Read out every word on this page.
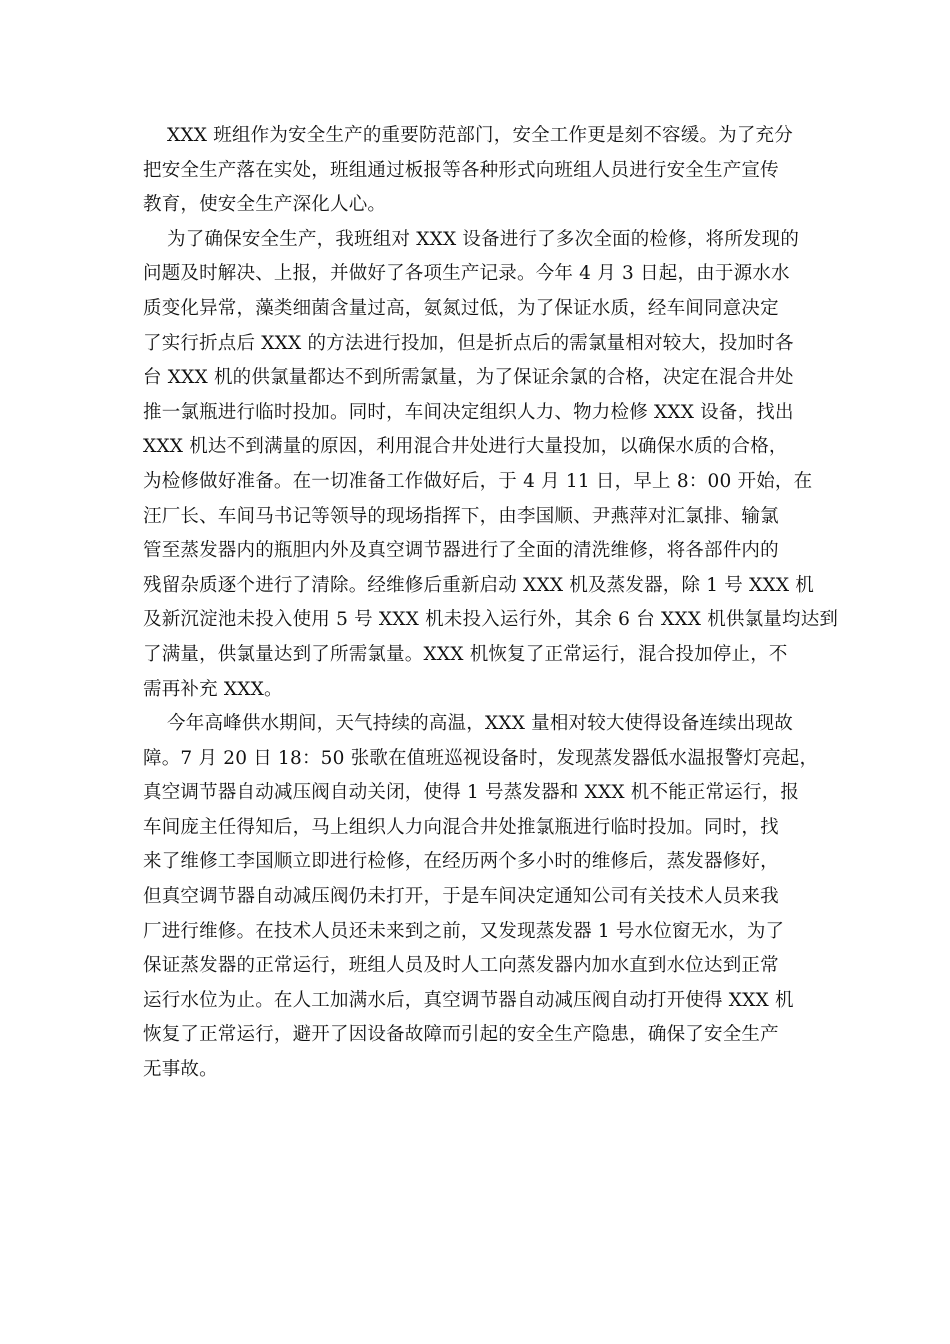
XXX 班组作为安全生产的重要防范部门，安全工作更是刻不容缓。为了充分
把安全生产落在实处，班组通过板报等各种形式向班组人员进行安全生产宣传
教育，使安全生产深化人心。
为了确保安全生产，我班组对 XXX 设备进行了多次全面的检修，将所发现的
问题及时解决、上报，并做好了各项生产记录。今年 4 月 3 日起，由于源水水
质变化异常，藻类细菌含量过高，氨氮过低，为了保证水质，经车间同意决定
了实行折点后 XXX 的方法进行投加，但是折点后的需氯量相对较大，投加时各
台 XXX 机的供氯量都达不到所需氯量，为了保证余氯的合格，决定在混合井处
推一氯瓶进行临时投加。同时，车间决定组织人力、物力检修 XXX 设备，找出
XXX 机达不到满量的原因，利用混合井处进行大量投加，以确保水质的合格，
为检修做好准备。在一切准备工作做好后，于 4 月 11 日，早上 8：00 开始，在
汪厂长、车间马书记等领导的现场指挥下，由李国顺、尹燕萍对汇氯排、输氯
管至蒸发器内的瓶胆内外及真空调节器进行了全面的清洗维修，将各部件内的
残留杂质逐个进行了清除。经维修后重新启动 XXX 机及蒸发器，除 1 号 XXX 机
及新沉淀池未投入使用 5 号 XXX 机未投入运行外，其余 6 台 XXX 机供氯量均达到
了满量，供氯量达到了所需氯量。XXX 机恢复了正常运行，混合投加停止，不
需再补充 XXX。
今年高峰供水期间，天气持续的高温，XXX 量相对较大使得设备连续出现故
障。7 月 20 日 18：50 张歌在值班巡视设备时，发现蒸发器低水温报警灯亮起，
真空调节器自动减压阀自动关闭，使得 1 号蒸发器和 XXX 机不能正常运行，报
车间庞主任得知后，马上组织人力向混合井处推氯瓶进行临时投加。同时，找
来了维修工李国顺立即进行检修，在经历两个多小时的维修后，蒸发器修好，
但真空调节器自动减压阀仍未打开，于是车间决定通知公司有关技术人员来我
厂进行维修。在技术人员还未来到之前，又发现蒸发器 1 号水位窗无水，为了
保证蒸发器的正常运行，班组人员及时人工向蒸发器内加水直到水位达到正常
运行水位为止。在人工加满水后，真空调节器自动减压阀自动打开使得 XXX 机
恢复了正常运行，避开了因设备故障而引起的安全生产隐患，确保了安全生产
无事故。
